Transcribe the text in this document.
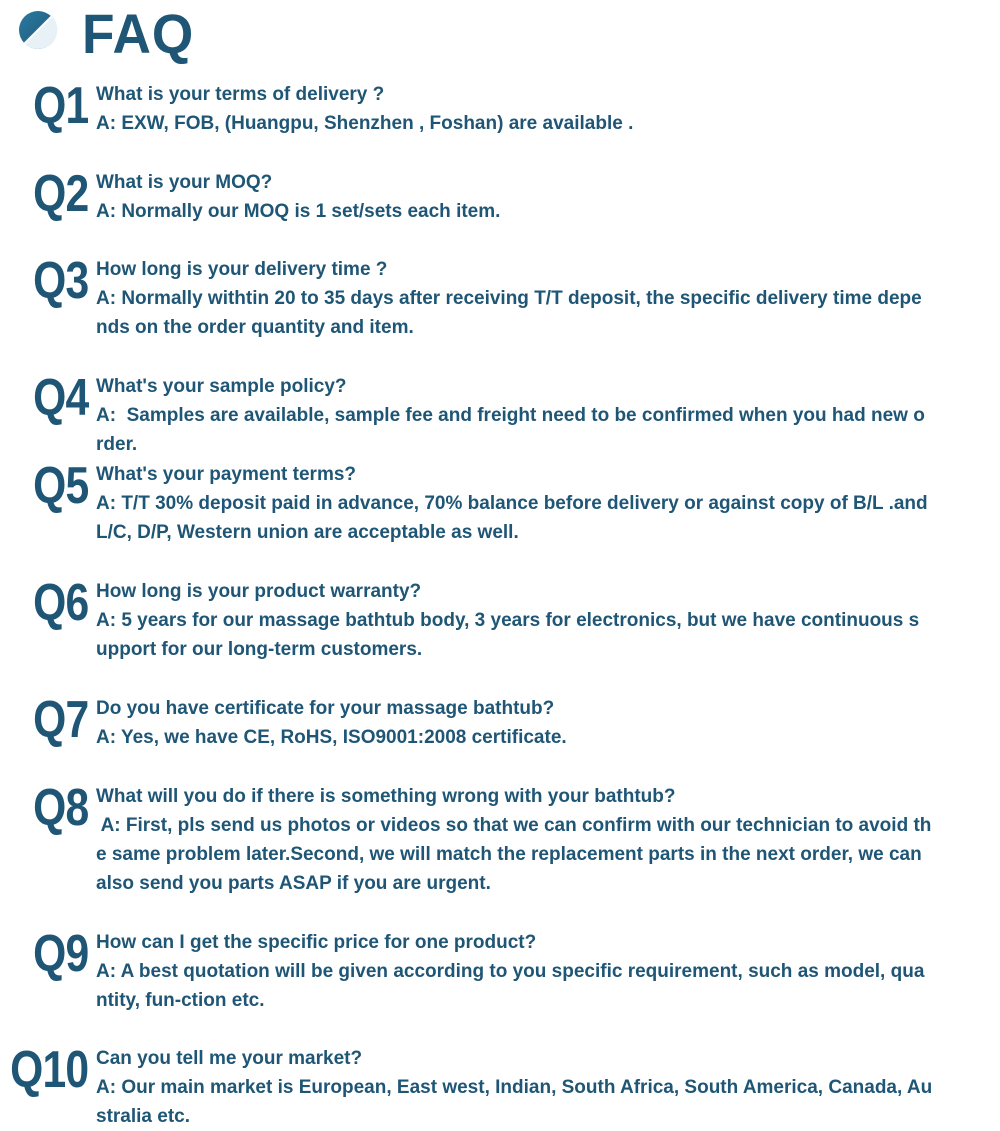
FAQ
Q1 What is your terms of delivery ?
A: EXW, FOB, (Huangpu, Shenzhen , Foshan) are available .
Q2 What is your MOQ?
A: Normally our MOQ is 1 set/sets each item.
Q3 How long is your delivery time ?
A: Normally withtin 20 to 35 days after receiving T/T deposit, the specific delivery time depe
nds on the order quantity and item.
Q4 What's your sample policy?
A:  Samples are available, sample fee and freight need to be confirmed when you had new o
rder.
Q5 What's your payment terms?
A: T/T 30% deposit paid in advance, 70% balance before delivery or against copy of B/L .and
L/C, D/P, Western union are acceptable as well.
Q6 How long is your product warranty?
A: 5 years for our massage bathtub body, 3 years for electronics, but we have continuous s
upport for our long-term customers.
Q7 Do you have certificate for your massage bathtub?
A: Yes, we have CE, RoHS, ISO9001:2008 certificate.
Q8 What will you do if there is something wrong with your bathtub?
A: First, pls send us photos or videos so that we can confirm with our technician to avoid th
e same problem later.Second, we will match the replacement parts in the next order, we can
also send you parts ASAP if you are urgent.
Q9 How can I get the specific price for one product?
A: A best quotation will be given according to you specific requirement, such as model, qua
ntity, fun-ction etc.
Q10 Can you tell me your market?
A: Our main market is European, East west, Indian, South Africa, South America, Canada, Au
stralia etc.
